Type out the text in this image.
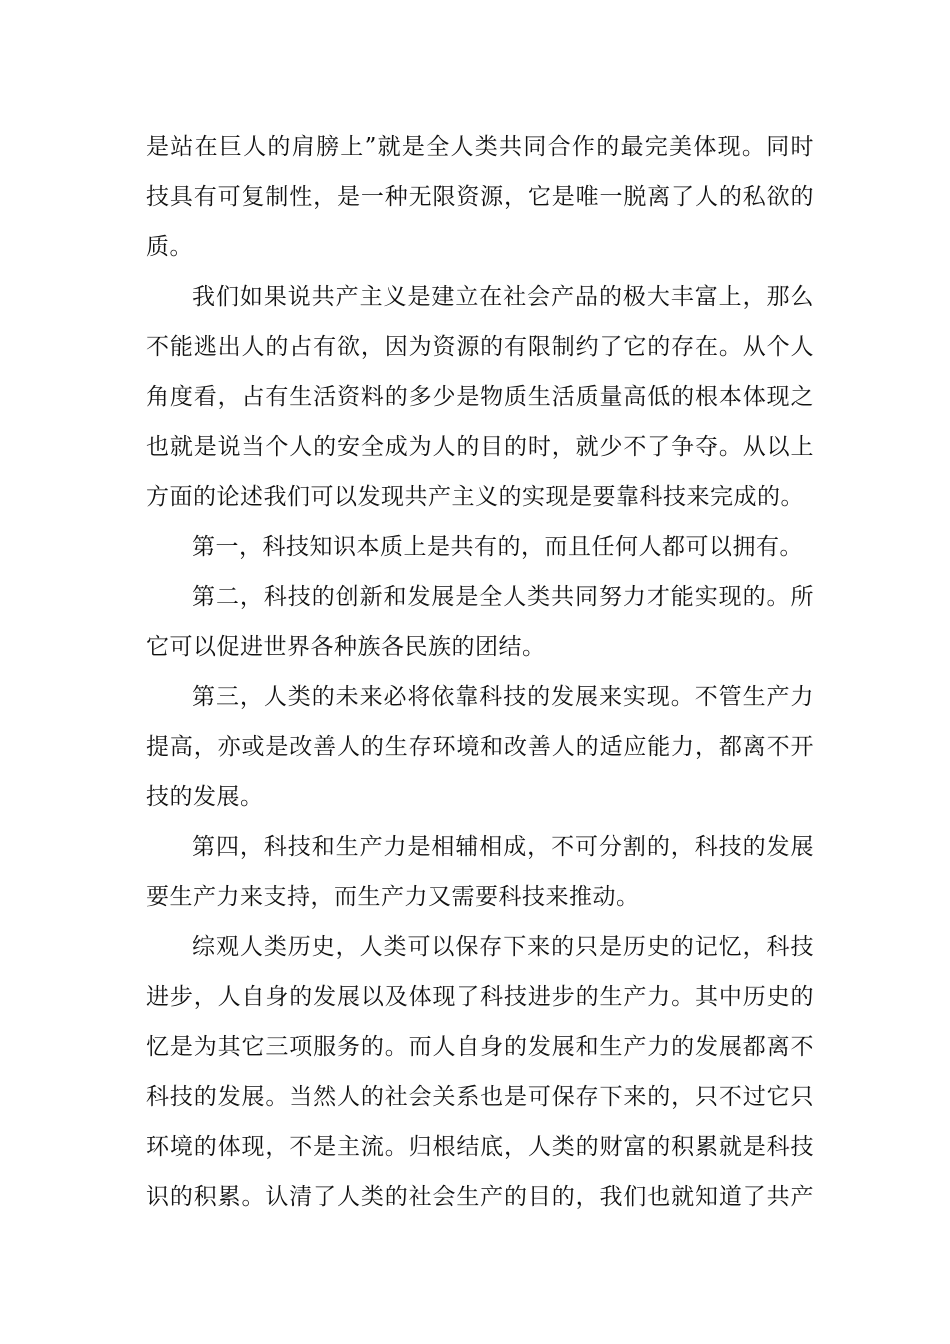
是站在巨人的肩膀上”就是全人类共同合作的最完美体现。同时
技具有可复制性，是一种无限资源，它是唯一脱离了人的私欲的
质。
我们如果说共产主义是建立在社会产品的极大丰富上，那么
不能逃出人的占有欲，因为资源的有限制约了它的存在。从个人
角度看，占有生活资料的多少是物质生活质量高低的根本体现之
也就是说当个人的安全成为人的目的时，就少不了争夺。从以上
方面的论述我们可以发现共产主义的实现是要靠科技来完成的。
第一，科技知识本质上是共有的，而且任何人都可以拥有。
第二，科技的创新和发展是全人类共同努力才能实现的。所
它可以促进世界各种族各民族的团结。
第三，人类的未来必将依靠科技的发展来实现。不管生产力
提高，亦或是改善人的生存环境和改善人的适应能力，都离不开
技的发展。
第四，科技和生产力是相辅相成，不可分割的，科技的发展
要生产力来支持，而生产力又需要科技来推动。
综观人类历史，人类可以保存下来的只是历史的记忆，科技
进步，人自身的发展以及体现了科技进步的生产力。其中历史的
忆是为其它三项服务的。而人自身的发展和生产力的发展都离不
科技的发展。当然人的社会关系也是可保存下来的，只不过它只
环境的体现，不是主流。归根结底，人类的财富的积累就是科技
识的积累。认清了人类的社会生产的目的，我们也就知道了共产
